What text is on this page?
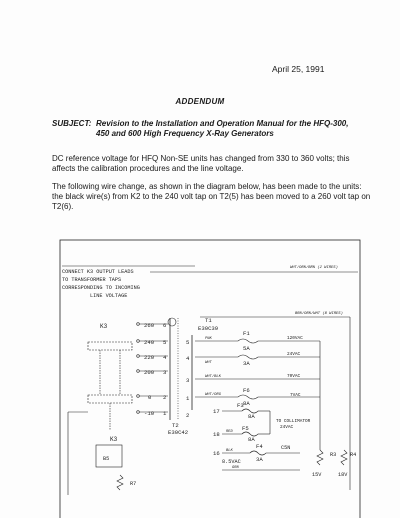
April 25, 1991
ADDENDUM
SUBJECT: Revision to the Installation and Operation Manual for the HFQ-300,
450 and 600 High Frequency X-Ray Generators
DC reference voltage for HFQ Non-SE units has changed from 330 to 360 volts; this affects the calibration procedures and the line voltage.
The following wire change, as shown in the diagram below, has been made to the units: the black wire(s) from K2 to the 240 volt tap on T2(5) has been moved to a 260 volt tap on T2(6).
CONNECT K3 OUTPUT LEADS
TO TRANSFORMER TAPS
CORRESPONDING TO INCOMING
LINE VOLTAGE
WHT/ORN/BRN (2 WIRES)
BRN/ORN/WHT (8 WIRES)
K3	260 6
240 5
220 4
200 3
0 2
-10 1
T2
E30C42
T1
E30C39
5
1
2
3
4
F1
5A
120VAC
PNK
3A
24VAC
WHT
70VAC
WHT/BLK
F6
8A
7VAC
WHT/ORG
17
F3
8A
18
F5
8A
RED
TO COLLIMATOR
24VAC
16
F4
3A
C5N
8.5VAC
BLK
GRN
R3
15V
R4
18V
K3
B5
R7
